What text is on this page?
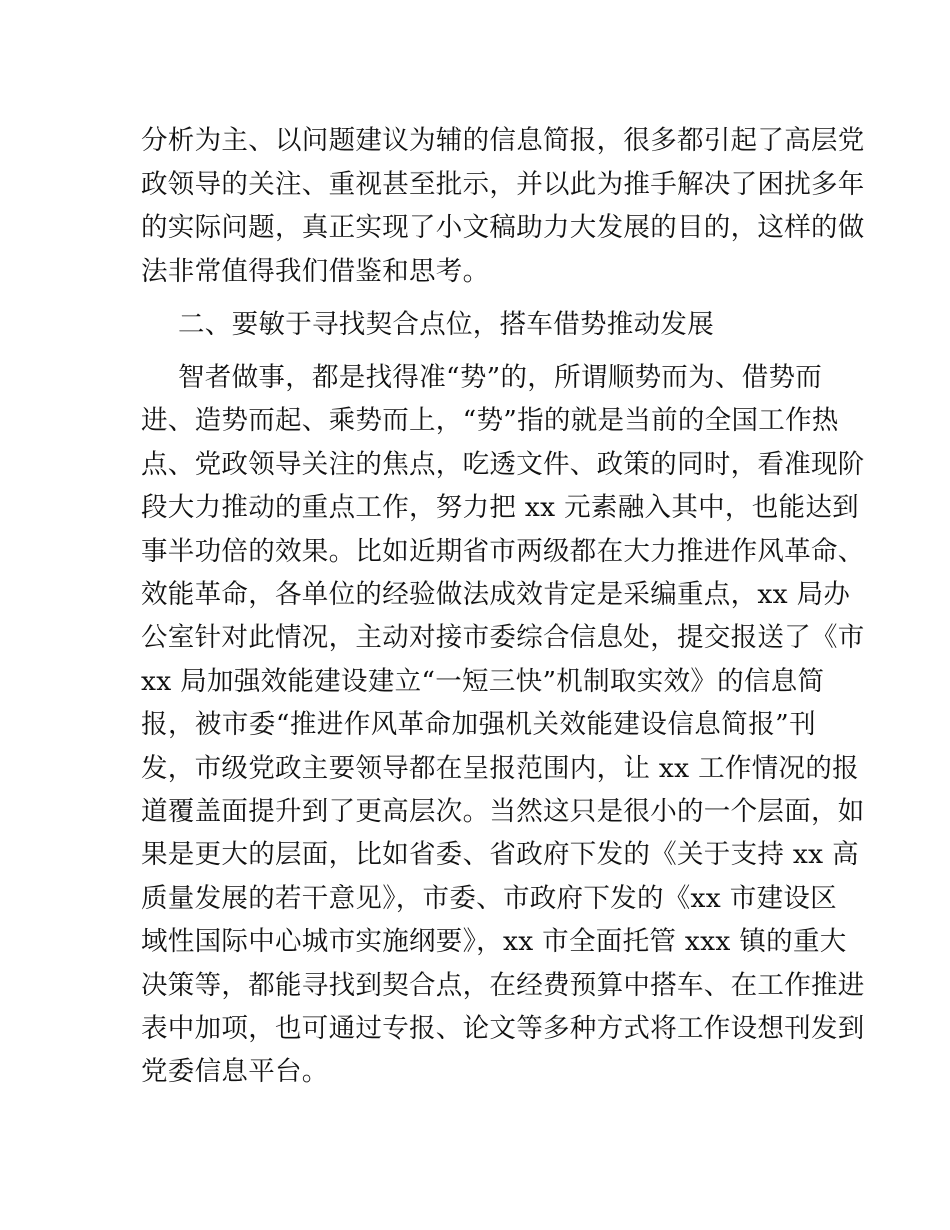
分析为主、以问题建议为辅的信息简报，很多都引起了高层党
政领导的关注、重视甚至批示，并以此为推手解决了困扰多年
的实际问题，真正实现了小文稿助力大发展的目的，这样的做
法非常值得我们借鉴和思考。
二、要敏于寻找契合点位，搭车借势推动发展
智者做事，都是找得准“势”的，所谓顺势而为、借势而
进、造势而起、乘势而上，“势”指的就是当前的全国工作热
点、党政领导关注的焦点，吃透文件、政策的同时，看准现阶
段大力推动的重点工作，努力把 xx 元素融入其中，也能达到
事半功倍的效果。比如近期省市两级都在大力推进作风革命、
效能革命，各单位的经验做法成效肯定是采编重点，xx 局办
公室针对此情况，主动对接市委综合信息处，提交报送了《市
xx 局加强效能建设建立“一短三快”机制取实效》的信息简
报，被市委“推进作风革命加强机关效能建设信息简报”刊
发，市级党政主要领导都在呈报范围内，让 xx 工作情况的报
道覆盖面提升到了更高层次。当然这只是很小的一个层面，如
果是更大的层面，比如省委、省政府下发的《关于支持 xx 高
质量发展的若干意见》，市委、市政府下发的《xx 市建设区
域性国际中心城市实施纲要》，xx 市全面托管 xxx 镇的重大
决策等，都能寻找到契合点，在经费预算中搭车、在工作推进
表中加项，也可通过专报、论文等多种方式将工作设想刊发到
党委信息平台。
